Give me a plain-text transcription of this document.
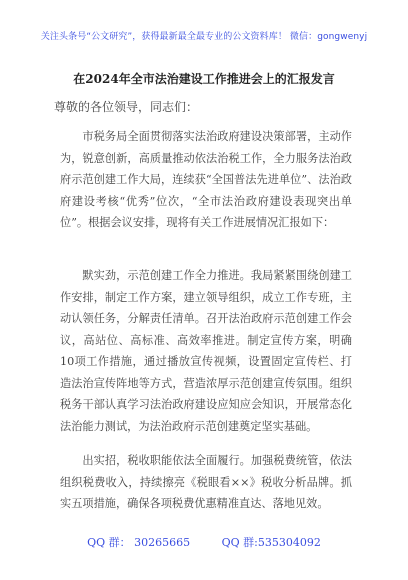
关注头条号“公文研究”，获得最新最全最专业的公文资料库！ 微信：gongwenyj
在2024年全市法治建设工作推进会上的汇报发言
尊敬的各位领导，同志们：
市税务局全面贯彻落实法治政府建设决策部署，主动作为，锐意创新，高质量推动依法治税工作，全力服务法治政府示范创建工作大局，连续获“全国普法先进单位”、法治政府建设考核“优秀”位次，“全市法治政府建设表现突出单位”。根据会议安排，现将有关工作进展情况汇报如下：
默实劲，示范创建工作全力推进。我局紧紧围绕创建工作安排，制定工作方案，建立领导组织，成立工作专班，主动认领任务，分解责任清单。召开法治政府示范创建工作会议，高站位、高标准、高效率推进。制定宣传方案，明确10项工作措施，通过播放宣传视频，设置固定宣传栏、打造法治宣传阵地等方式，营造浓厚示范创建宣传氛围。组织税务干部认真学习法治政府建设应知应会知识，开展常态化法治能力测试，为法治政府示范创建奠定坚实基础。
出实招，税收职能依法全面履行。加强税费统管，依法组织税费收入，持续擦亮《税眼看××》税收分析品牌。抓实五项措施，确保各项税费优惠精准直达、落地见效。
QQ 群： 30265665	QQ 群:535304092
